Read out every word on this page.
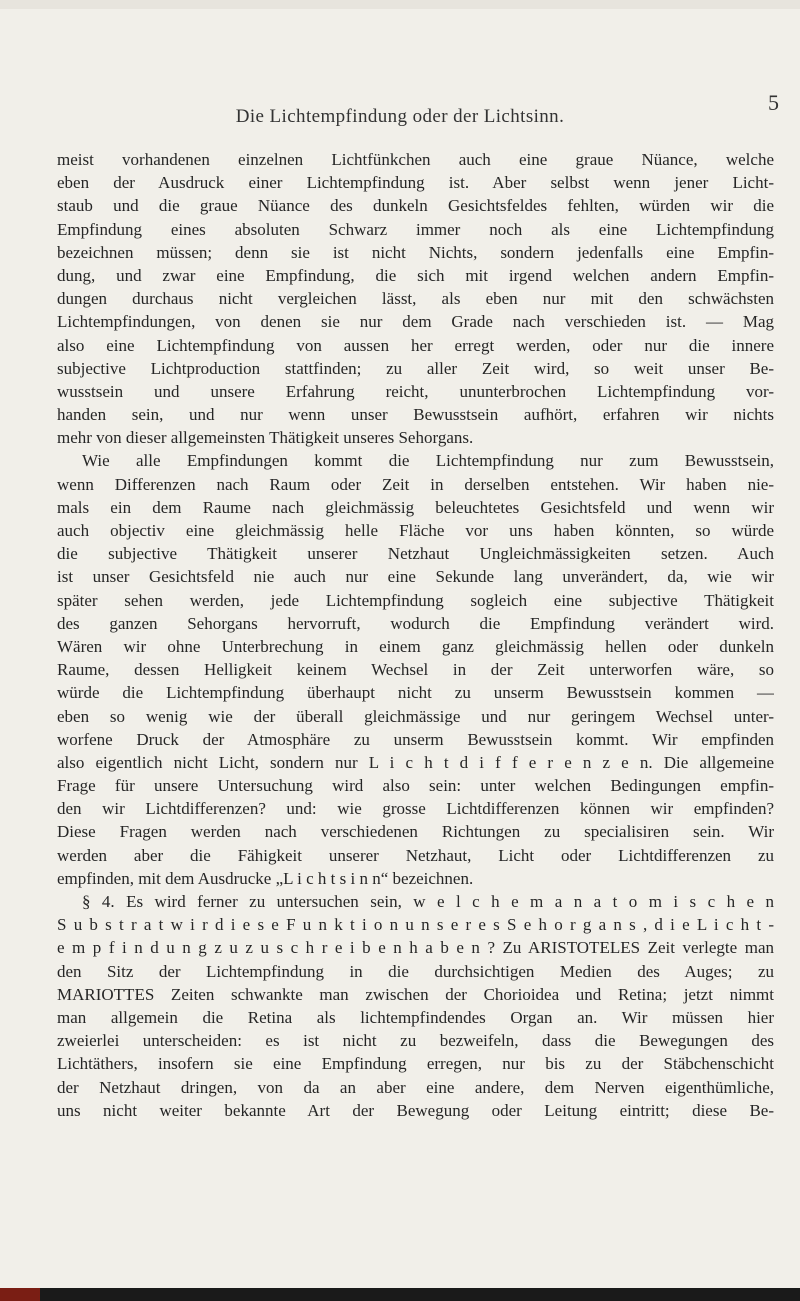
Die Lichtempfindung oder der Lichtsinn.
5
meist vorhandenen einzelnen Lichtfünkchen auch eine graue Nüance, welche
eben der Ausdruck einer Lichtempfindung ist. Aber selbst wenn jener Licht-
staub und die graue Nüance des dunkeln Gesichtsfeldes fehlten, würden wir die
Empfindung eines absoluten Schwarz immer noch als eine Lichtempfindung
bezeichnen müssen; denn sie ist nicht Nichts, sondern jedenfalls eine Empfin-
dung, und zwar eine Empfindung, die sich mit irgend welchen andern Empfin-
dungen durchaus nicht vergleichen lässt, als eben nur mit den schwächsten
Lichtempfindungen, von denen sie nur dem Grade nach verschieden ist. — Mag
also eine Lichtempfindung von aussen her erregt werden, oder nur die innere
subjective Lichtproduction stattfinden; zu aller Zeit wird, so weit unser Be-
wusstsein und unsere Erfahrung reicht, ununterbrochen Lichtempfindung vor-
handen sein, und nur wenn unser Bewusstsein aufhört, erfahren wir nichts
mehr von dieser allgemeinsten Thätigkeit unseres Sehorgans.
Wie alle Empfindungen kommt die Lichtempfindung nur zum Bewusstsein,
wenn Differenzen nach Raum oder Zeit in derselben entstehen. Wir haben nie-
mals ein dem Raume nach gleichmässig beleuchtetes Gesichtsfeld und wenn wir
auch objectiv eine gleichmässig helle Fläche vor uns haben könnten, so würde
die subjective Thätigkeit unserer Netzhaut Ungleichmässigkeiten setzen. Auch
ist unser Gesichtsfeld nie auch nur eine Sekunde lang unverändert, da, wie wir
später sehen werden, jede Lichtempfindung sogleich eine subjective Thätigkeit
des ganzen Sehorgans hervorruft, wodurch die Empfindung verändert wird.
Wären wir ohne Unterbrechung in einem ganz gleichmässig hellen oder dunkeln
Raume, dessen Helligkeit keinem Wechsel in der Zeit unterworfen wäre, so
würde die Lichtempfindung überhaupt nicht zu unserm Bewusstsein kommen —
eben so wenig wie der überall gleichmässige und nur geringem Wechsel unter-
worfene Druck der Atmosphäre zu unserm Bewusstsein kommt. Wir empfinden
also eigentlich nicht Licht, sondern nur L i c h t d i f f e r e n z e n. Die allgemeine
Frage für unsere Untersuchung wird also sein: unter welchen Bedingungen empfin-
den wir Lichtdifferenzen? und: wie grosse Lichtdifferenzen können wir empfinden?
Diese Fragen werden nach verschiedenen Richtungen zu specialisiren sein. Wir
werden aber die Fähigkeit unserer Netzhaut, Licht oder Lichtdifferenzen zu
empfinden, mit dem Ausdrucke „L i c h t s i n n“ bezeichnen.
§ 4. Es wird ferner zu untersuchen sein, w e l c h e m a n a t o m i s c h e n
S u b s t r a t w i r d i e s e F u n k t i o n u n s e r e s S e h o r g a n s , d i e L i c h t -
e m p f i n d u n g z u z u s c h r e i b e n h a b e n ? Zu ARISTOTELES Zeit verlegte man
den Sitz der Lichtempfindung in die durchsichtigen Medien des Auges; zu
MARIOTTES Zeiten schwankte man zwischen der Chorioidea und Retina; jetzt nimmt
man allgemein die Retina als lichtempfindendes Organ an. Wir müssen hier
zweierlei unterscheiden: es ist nicht zu bezweifeln, dass die Bewegungen des
Lichtäthers, insofern sie eine Empfindung erregen, nur bis zu der Stäbchenschicht
der Netzhaut dringen, von da an aber eine andere, dem Nerven eigenthümliche,
uns nicht weiter bekannte Art der Bewegung oder Leitung eintritt; diese Be-
